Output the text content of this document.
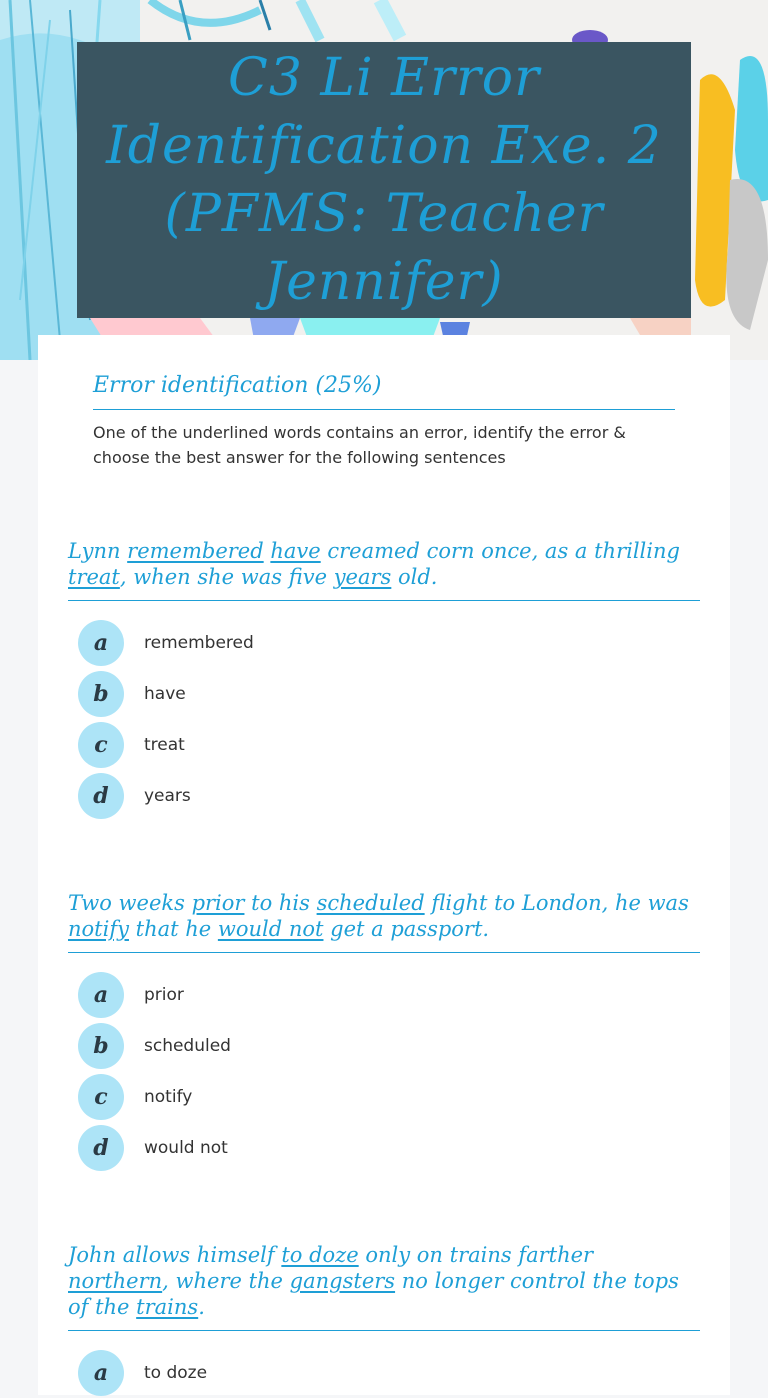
C3 Li Error Identification Exe. 2 (PFMS: Teacher Jennifer)
Error identification (25%)
One of the underlined words contains an error, identify the error & choose the best answer for the following sentences
Lynn remembered have creamed corn once, as a thrilling treat, when she was five years old.
a	remembered
b	have
c	treat
d	years
Two weeks prior to his scheduled flight to London, he was notify that he would not get a passport.
a	prior
b	scheduled
c	notify
d	would not
John allows himself to doze only on trains farther northern, where the gangsters no longer control the tops of the trains.
a	to doze
